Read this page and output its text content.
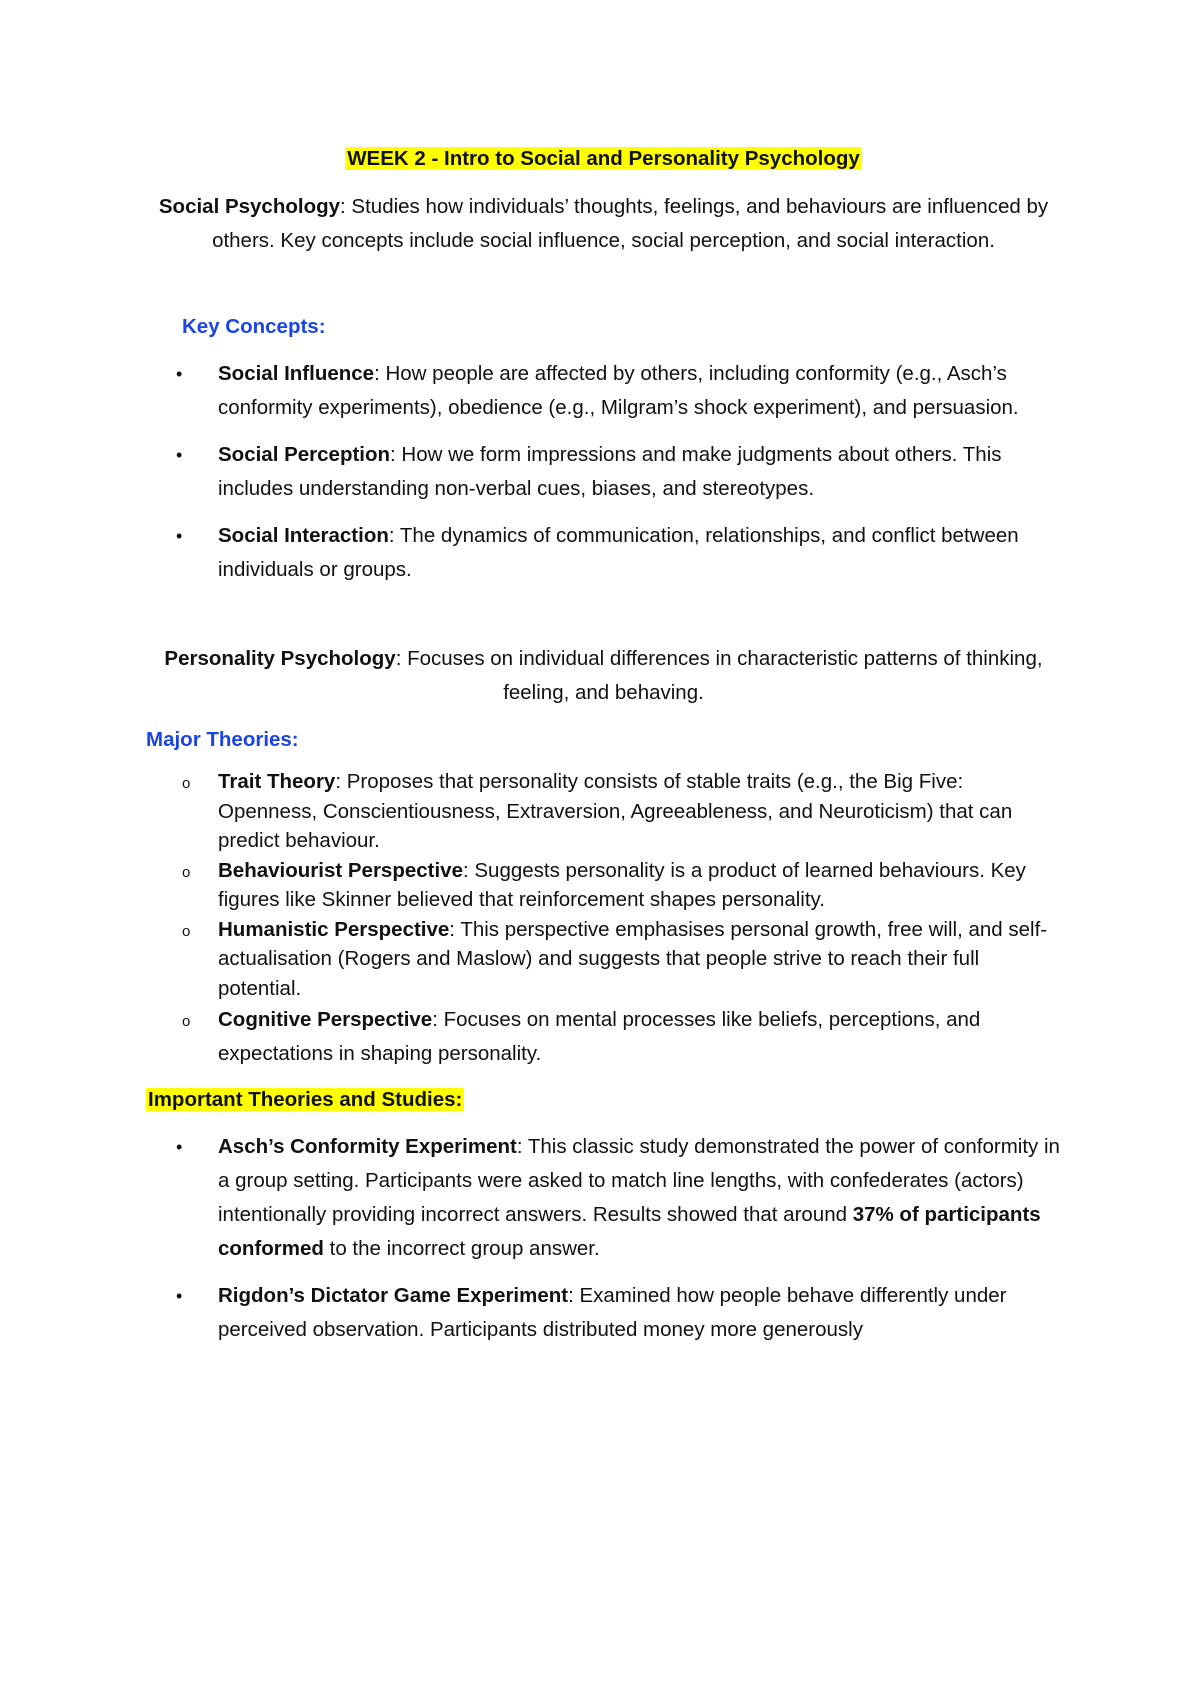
WEEK 2 - Intro to Social and Personality Psychology

Social Psychology: Studies how individuals’ thoughts, feelings, and behaviours are influenced by others. Key concepts include social influence, social perception, and social interaction.

Key Concepts:

• Social Influence: How people are affected by others, including conformity (e.g., Asch’s conformity experiments), obedience (e.g., Milgram’s shock experiment), and persuasion.
• Social Perception: How we form impressions and make judgments about others. This includes understanding non-verbal cues, biases, and stereotypes.
• Social Interaction: The dynamics of communication, relationships, and conflict between individuals or groups.

Personality Psychology: Focuses on individual differences in characteristic patterns of thinking, feeling, and behaving.

Major Theories:

o Trait Theory: Proposes that personality consists of stable traits (e.g., the Big Five: Openness, Conscientiousness, Extraversion, Agreeableness, and Neuroticism) that can predict behaviour.
o Behaviourist Perspective: Suggests personality is a product of learned behaviours. Key figures like Skinner believed that reinforcement shapes personality.
o Humanistic Perspective: This perspective emphasises personal growth, free will, and self-actualisation (Rogers and Maslow) and suggests that people strive to reach their full potential.
o Cognitive Perspective: Focuses on mental processes like beliefs, perceptions, and expectations in shaping personality.

Important Theories and Studies:

• Asch’s Conformity Experiment: This classic study demonstrated the power of conformity in a group setting. Participants were asked to match line lengths, with confederates (actors) intentionally providing incorrect answers. Results showed that around 37% of participants conformed to the incorrect group answer.
• Rigdon’s Dictator Game Experiment: Examined how people behave differently under perceived observation. Participants distributed money more generously
